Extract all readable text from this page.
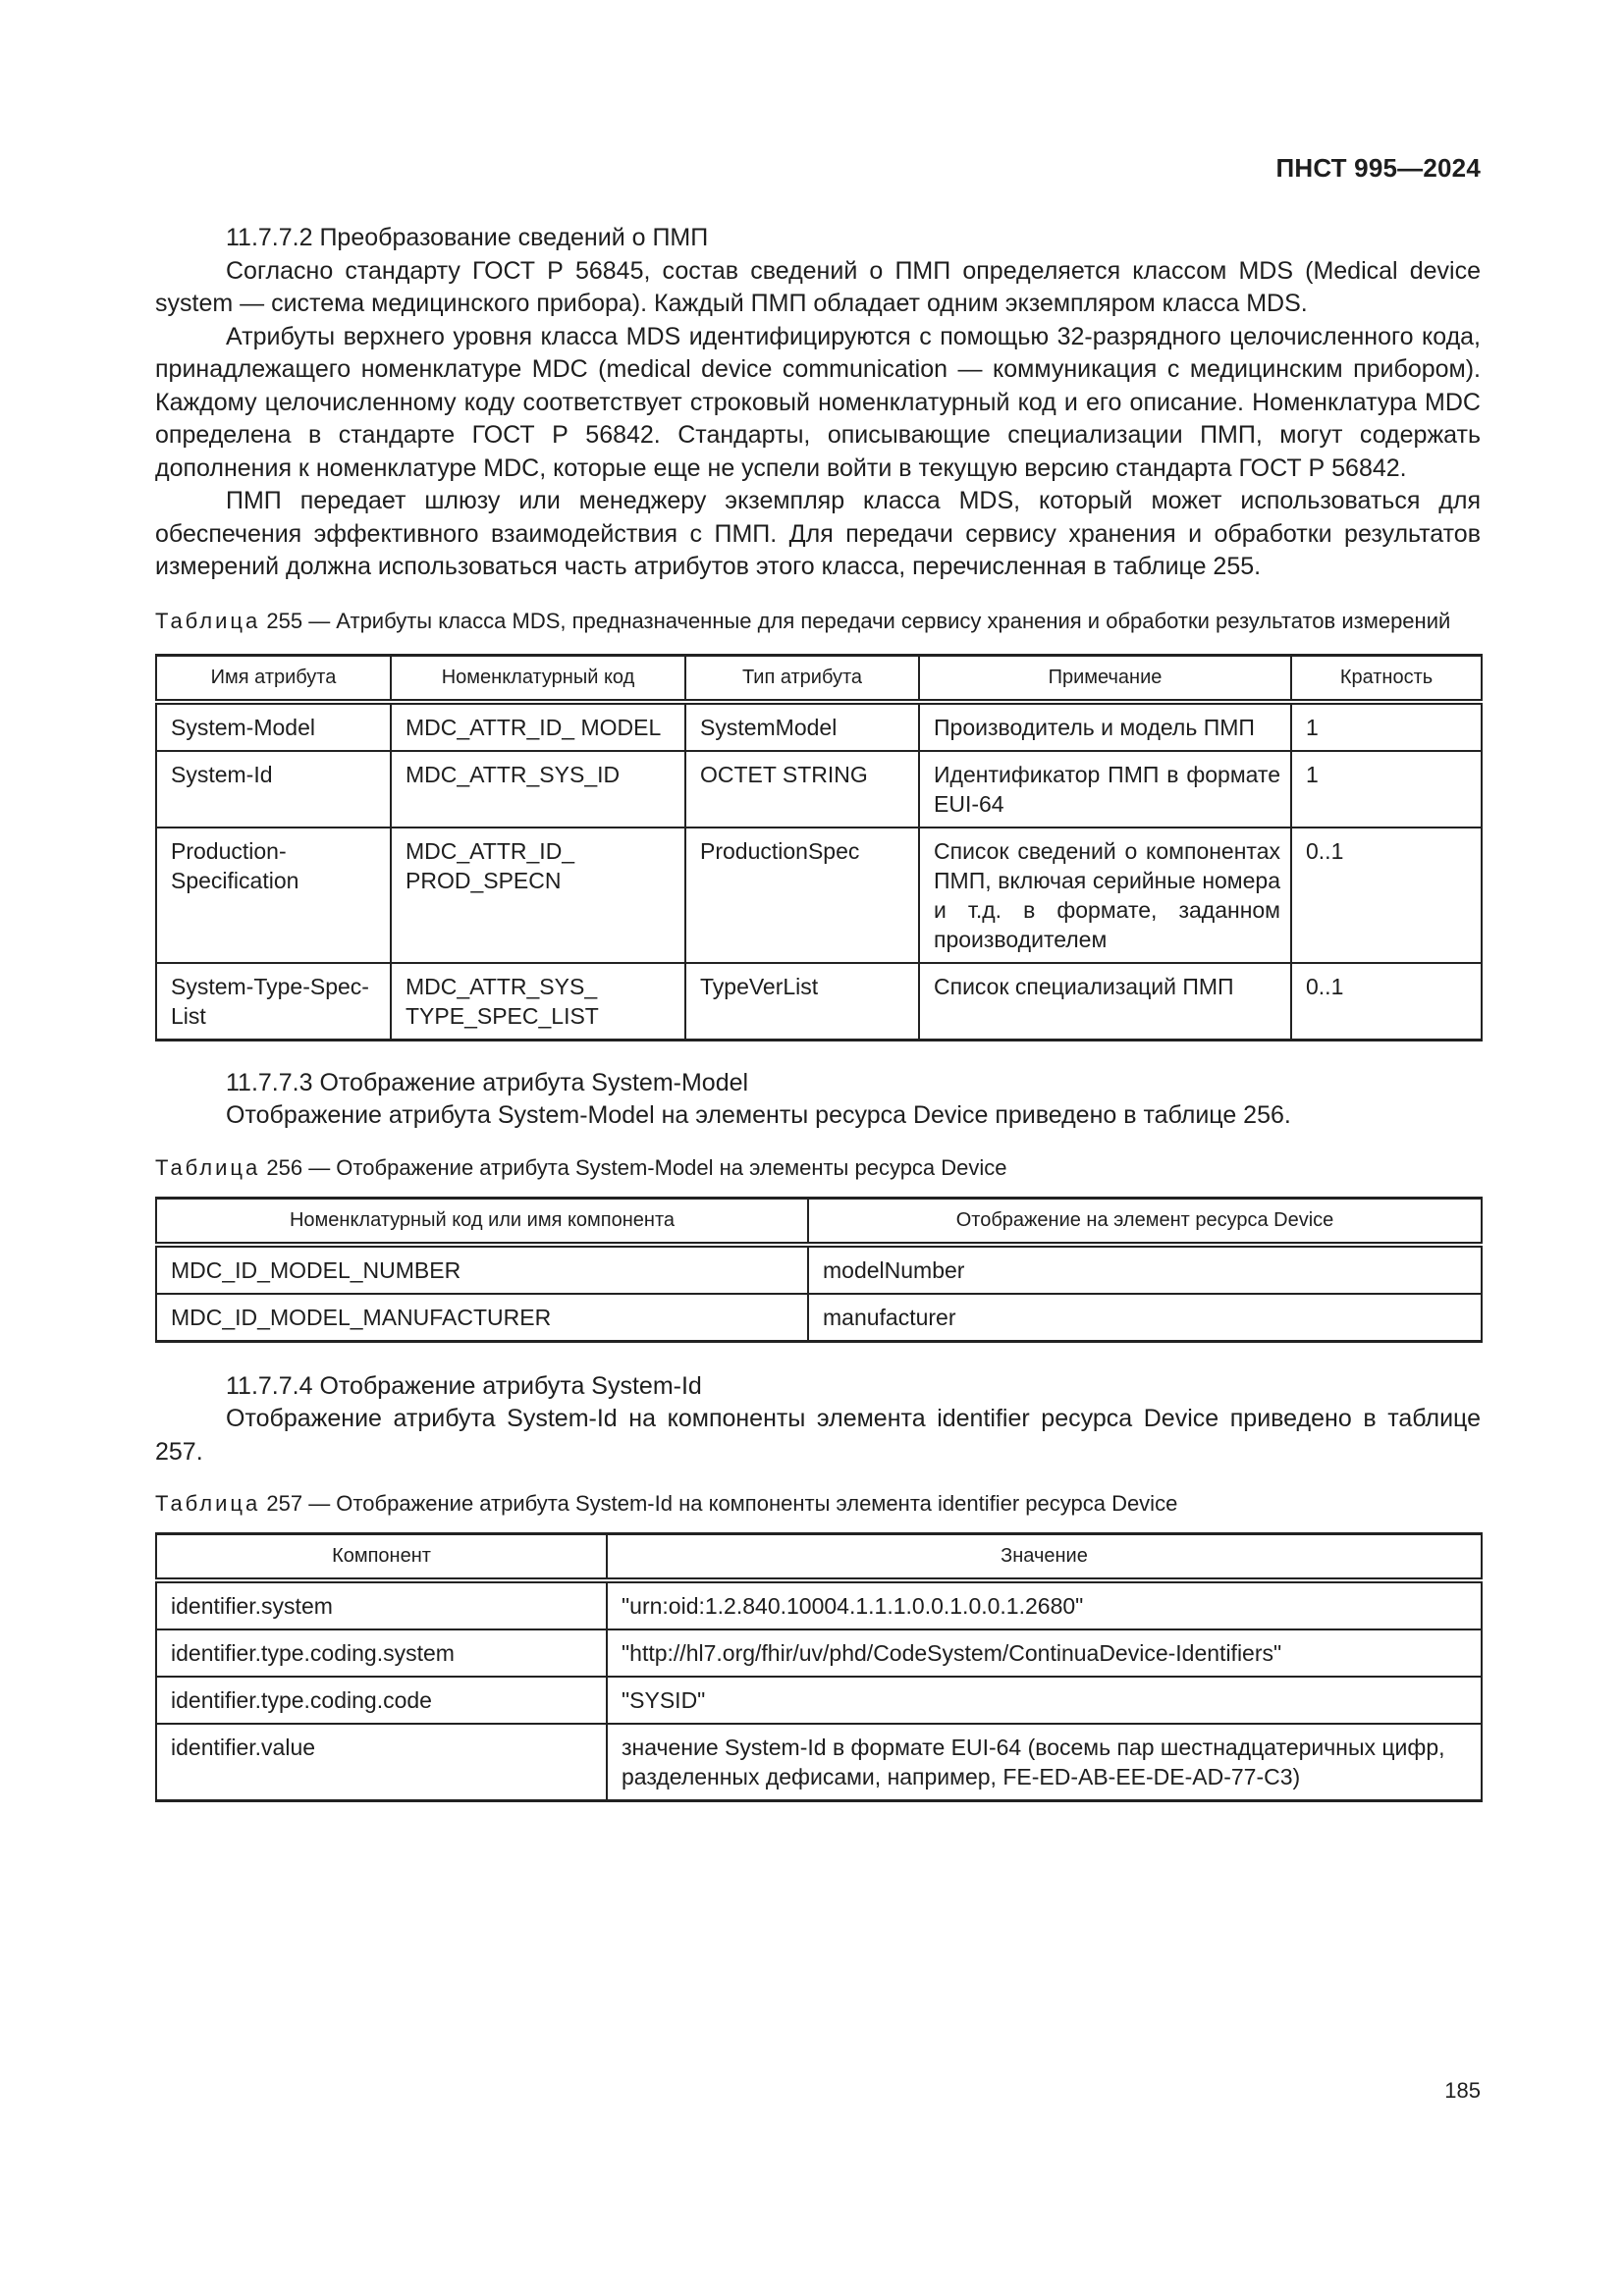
ПНСТ 995—2024

11.7.7.2 Преобразование сведений о ПМП

Согласно стандарту ГОСТ Р 56845, состав сведений о ПМП определяется классом MDS (Medical device system — система медицинского прибора). Каждый ПМП обладает одним экземпляром класса MDS.

Атрибуты верхнего уровня класса MDS идентифицируются с помощью 32-разрядного целочисленного кода, принадлежащего номенклатуре MDC (medical device communication — коммуникация с медицинским прибором). Каждому целочисленному коду соответствует строковый номенклатурный код и его описание. Номенклатура MDC определена в стандарте ГОСТ Р 56842. Стандарты, описывающие специализации ПМП, могут содержать дополнения к номенклатуре MDC, которые еще не успели войти в текущую версию стандарта ГОСТ Р 56842.

ПМП передает шлюзу или менеджеру экземпляр класса MDS, который может использоваться для обеспечения эффективного взаимодействия с ПМП. Для передачи сервису хранения и обработки результатов измерений должна использоваться часть атрибутов этого класса, перечисленная в таблице 255.

Таблица 255 — Атрибуты класса MDS, предназначенные для передачи сервису хранения и обработки результатов измерений

Имя атрибута	Номенклатурный код	Тип атрибута	Примечание	Кратность
System-Model	MDC_ATTR_ID_ MODEL	SystemModel	Производитель и модель ПМП	1
System-Id	MDC_ATTR_SYS_ID	OCTET STRING	Идентификатор ПМП в формате EUI-64	1
Production-Specification	MDC_ATTR_ID_ PROD_SPECN	ProductionSpec	Список сведений о компонентах ПМП, включая серийные номера и т.д. в формате, заданном производителем	0..1
System-Type-Spec-List	MDC_ATTR_SYS_ TYPE_SPEC_LIST	TypeVerList	Список специализаций ПМП	0..1

11.7.7.3 Отображение атрибута System-Model

Отображение атрибута System-Model на элементы ресурса Device приведено в таблице 256.

Таблица 256 — Отображение атрибута System-Model на элементы ресурса Device

Номенклатурный код или имя компонента	Отображение на элемент ресурса Device
MDC_ID_MODEL_NUMBER	modelNumber
MDC_ID_MODEL_MANUFACTURER	manufacturer

11.7.7.4 Отображение атрибута System-Id

Отображение атрибута System-Id на компоненты элемента identifier ресурса Device приведено в таблице 257.

Таблица 257 — Отображение атрибута System-Id на компоненты элемента identifier ресурса Device

Компонент	Значение
identifier.system	"urn:oid:1.2.840.10004.1.1.1.0.0.1.0.0.1.2680"
identifier.type.coding.system	"http://hl7.org/fhir/uv/phd/CodeSystem/ContinuaDevice-Identifiers"
identifier.type.coding.code	"SYSID"
identifier.value	значение System-Id в формате EUI-64 (восемь пар шестнадцатеричных цифр, разделенных дефисами, например, FE-ED-AB-EE-DE-AD-77-C3)
185
